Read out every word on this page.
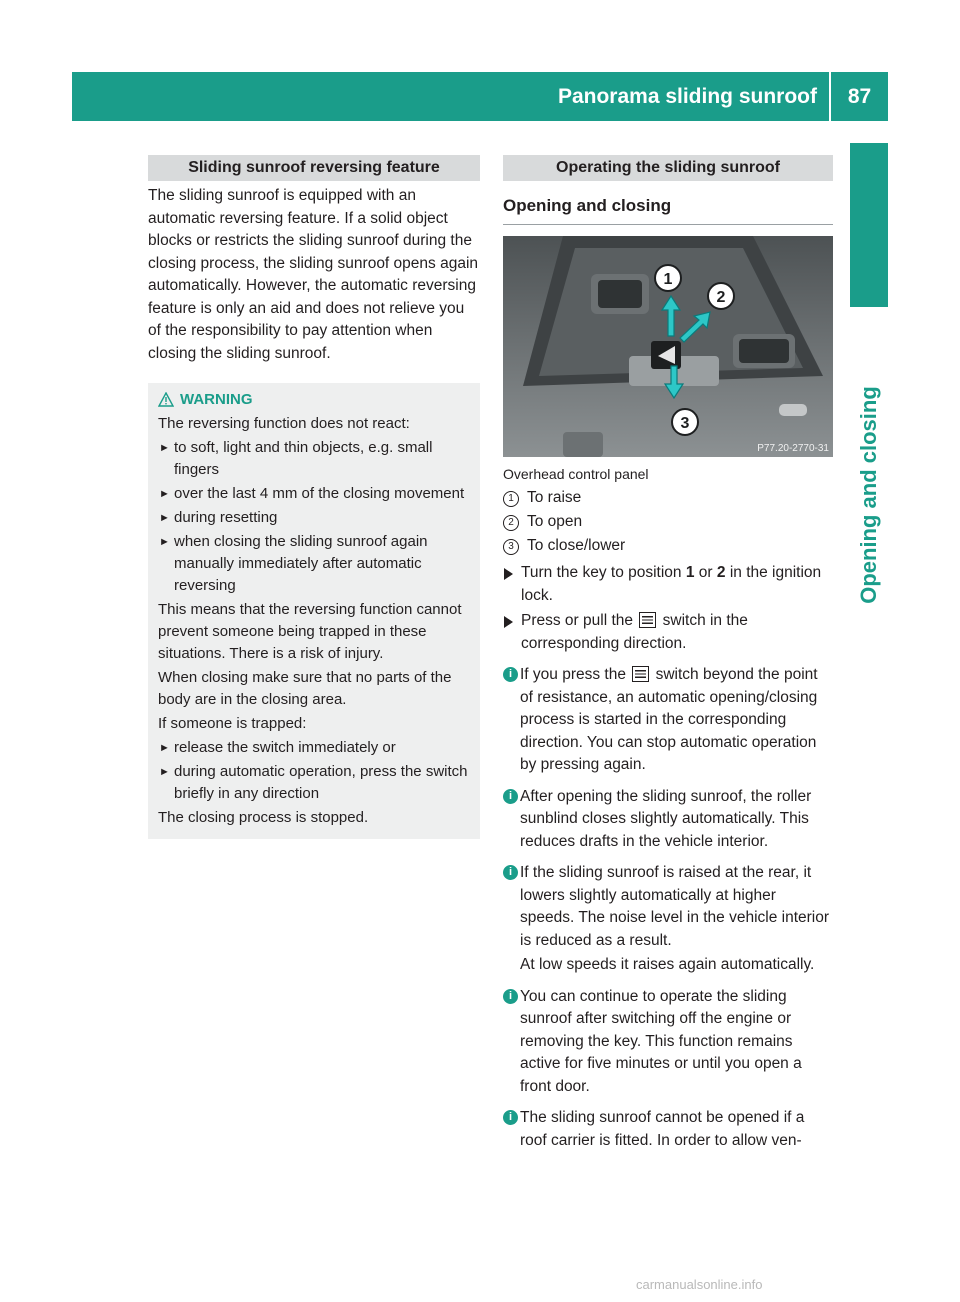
Panorama sliding sunroof	87
Opening and closing
Sliding sunroof reversing feature
The sliding sunroof is equipped with an automatic reversing feature. If a solid object blocks or restricts the sliding sunroof during the closing process, the sliding sunroof opens again automatically. However, the automatic reversing feature is only an aid and does not relieve you of the responsibility to pay attention when closing the sliding sunroof.
WARNING
The reversing function does not react:
► to soft, light and thin objects, e.g. small fingers
► over the last 4 mm of the closing movement
► during resetting
► when closing the sliding sunroof again manually immediately after automatic reversing
This means that the reversing function cannot prevent someone being trapped in these situations. There is a risk of injury.
When closing make sure that no parts of the body are in the closing area.
If someone is trapped:
► release the switch immediately or
► during automatic operation, press the switch briefly in any direction
The closing process is stopped.
Operating the sliding sunroof
Opening and closing
1
2
3
P77.20-2770-31
Overhead control panel
1 To raise
2 To open
3 To close/lower
Turn the key to position 1 or 2 in the ignition lock.
Press or pull the  switch in the corresponding direction.
i If you press the  switch beyond the point of resistance, an automatic opening/closing process is started in the corresponding direction. You can stop automatic operation by pressing again.
i After opening the sliding sunroof, the roller sunblind closes slightly automatically. This reduces drafts in the vehicle interior.
i If the sliding sunroof is raised at the rear, it lowers slightly automatically at higher speeds. The noise level in the vehicle interior is reduced as a result.
At low speeds it raises again automatically.
i You can continue to operate the sliding sunroof after switching off the engine or removing the key. This function remains active for five minutes or until you open a front door.
i The sliding sunroof cannot be opened if a roof carrier is fitted. In order to allow ven-
carmanualsonline.info
